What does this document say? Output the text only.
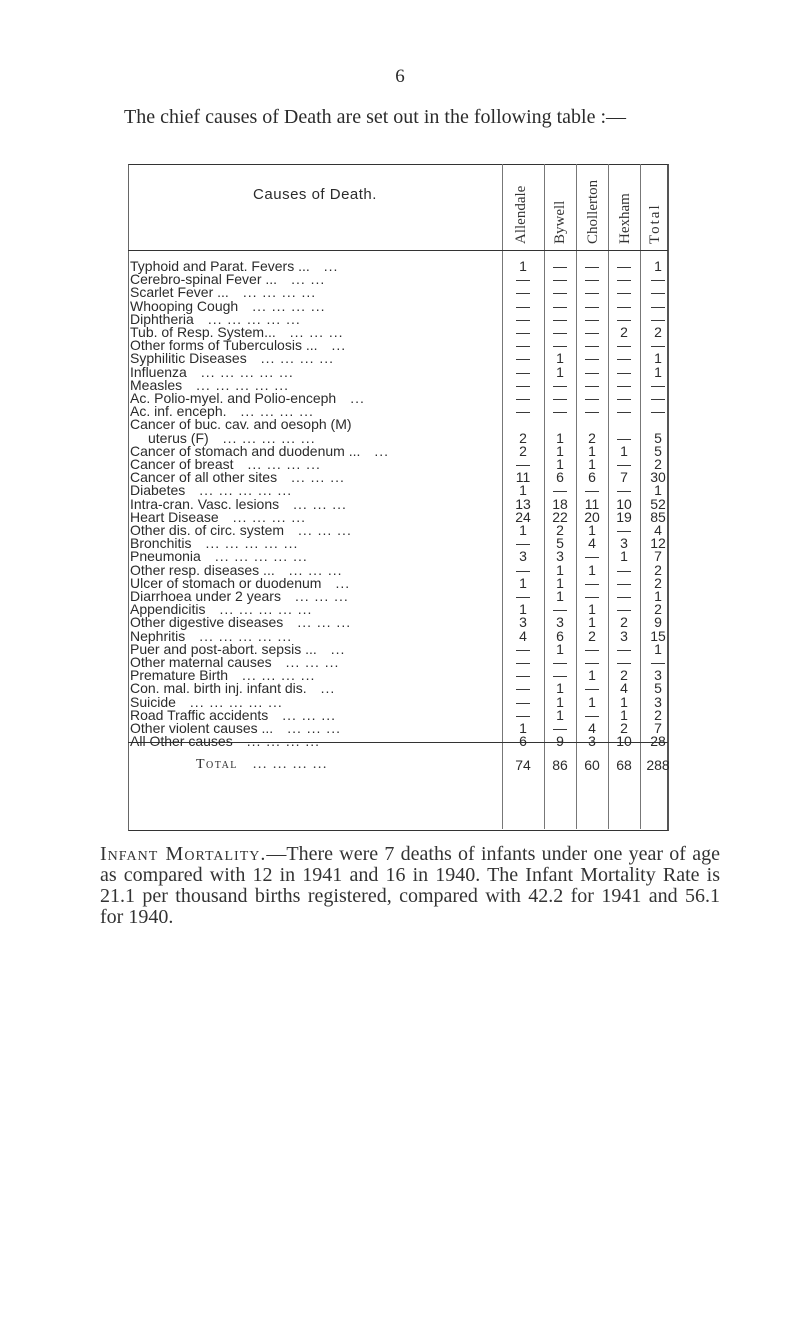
6
The chief causes of Death are set out in the following table :—
Causes of Death.	Allendale Bywell Chollerton Hexham Total
Typhoid and Parat. Fevers ... ...	1	—	—	—	1
Cerebro-spinal Fever ... ... ...	—	—	—	—	—
Scarlet Fever ... ... ... ... ...	—	—	—	—	—
Whooping Cough ... ... ... ...	—	—	—	—	—
Diphtheria ... ... ... ... ...	—	—	—	—	—
Tub. of Resp. System... ... ... ...	—	—	—	2	2
Other forms of Tuberculosis ... ...	—	—	—	—	—
Syphilitic Diseases ... ... ... ...	—	1	—	—	1
Influenza ... ... ... ... ...	—	1	—	—	1
Measles ... ... ... ... ...	—	—	—	—	—
Ac. Polio-myel. and Polio-enceph ...	—	—	—	—	—
Ac. inf. enceph. ... ... ... ...	—	—	—	—	—
Cancer of buc. cav. and oesoph (M)
uterus (F) ... ... ... ... ...	2	1	2	—	5
Cancer of stomach and duodenum ... ...	2	1	1	1	5
Cancer of breast ... ... ... ...	—	1	1	—	2
Cancer of all other sites ... ... ...	11	6	6	7	30
Diabetes ... ... ... ... ...	1	—	—	—	1
Intra-cran. Vasc. lesions ... ... ...	13	18	11	10	52
Heart Disease ... ... ... ...	24	22	20	19	85
Other dis. of circ. system ... ... ...	1	2	1	—	4
Bronchitis ... ... ... ... ...	—	5	4	3	12
Pneumonia ... ... ... ... ...	3	3	—	1	7
Other resp. diseases ... ... ... ...	—	1	1	—	2
Ulcer of stomach or duodenum ...	1	1	—	—	2
Diarrhoea under 2 years ... ... ...	—	1	—	—	1
Appendicitis ... ... ... ... ...	1	—	1	—	2
Other digestive diseases ... ... ...	3	3	1	2	9
Nephritis ... ... ... ... ...	4	6	2	3	15
Puer and post-abort. sepsis ... ...	—	1	—	—	1
Other maternal causes ... ... ...	—	—	—	—	—
Premature Birth ... ... ... ...	—	—	1	2	3
Con. mal. birth inj. infant dis. ...	—	1	—	4	5
Suicide ... ... ... ... ...	—	1	1	1	3
Road Traffic accidents ... ... ...	—	1	—	1	2
Other violent causes ... ... ... ...	1	—	4	2	7
All Other causes ... ... ... ...	6	9	3	10	28
Total ... ... ... ...	74	86	60	68	288
Infant Mortality.—There were 7 deaths of infants under one year of age as compared with 12 in 1941 and 16 in 1940. The Infant Mortality Rate is 21.1 per thousand births registered, compared with 42.2 for 1941 and 56.1 for 1940.
